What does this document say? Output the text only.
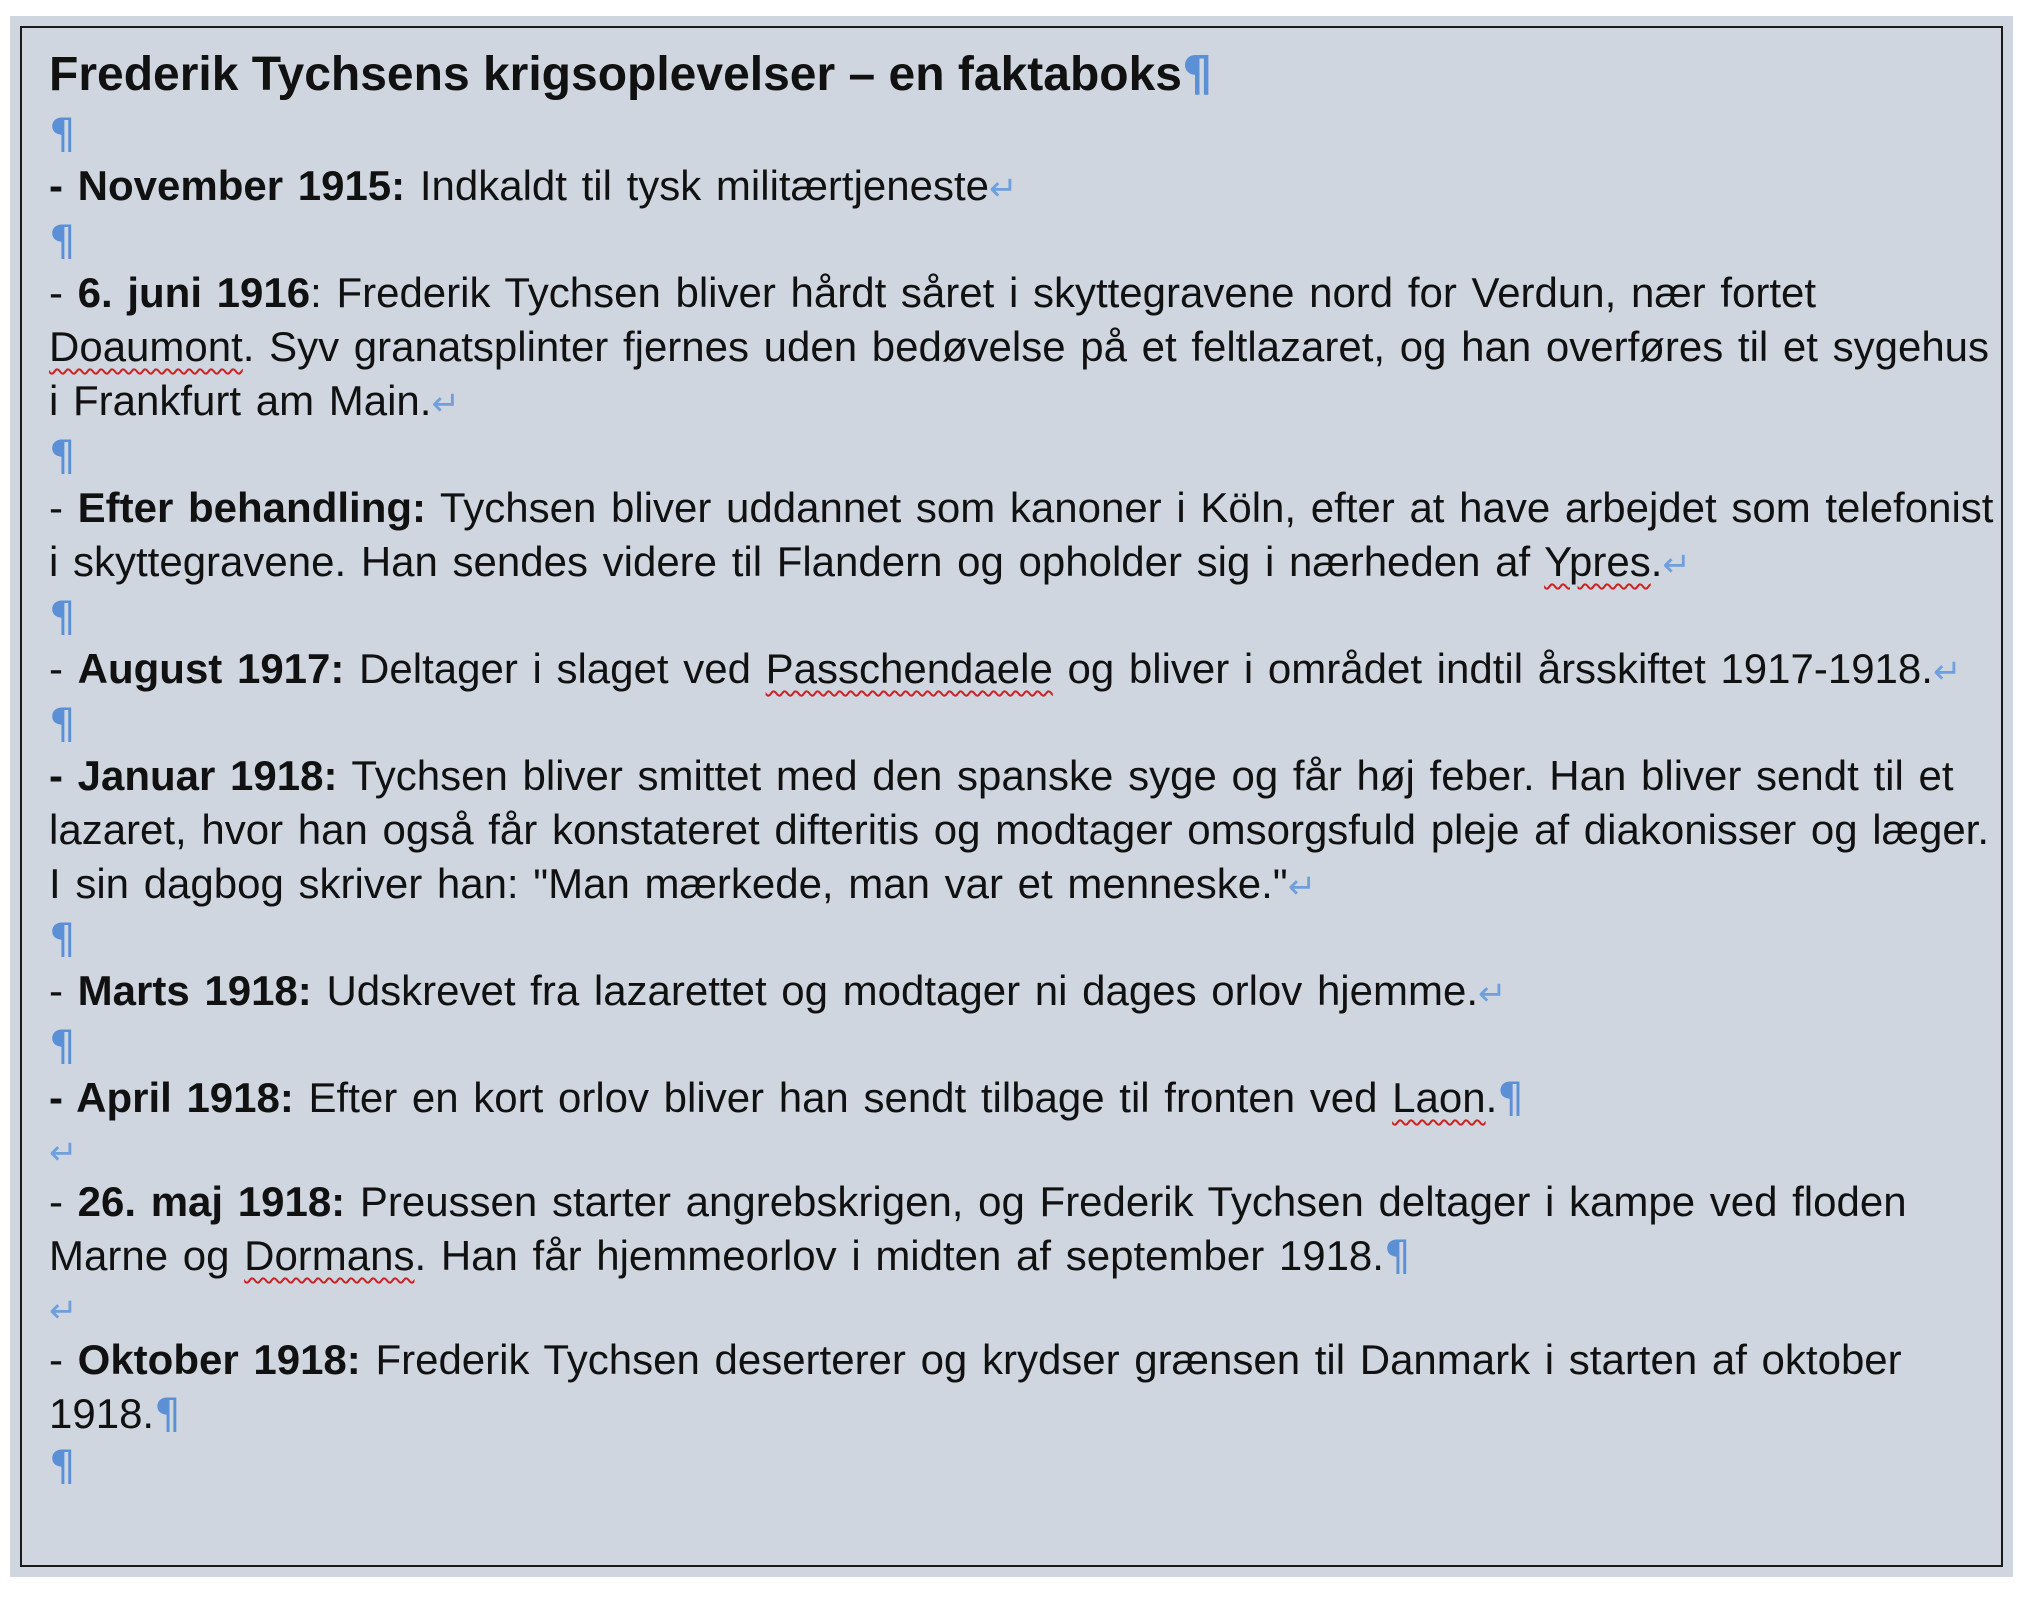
Frederik Tychsens krigsoplevelser – en faktaboks¶
¶
- November 1915: Indkaldt til tysk militærtjeneste↵
¶
- 6. juni 1916: Frederik Tychsen bliver hårdt såret i skyttegravene nord for Verdun, nær fortet Doaumont. Syv granatsplinter fjernes uden bedøvelse på et feltlazaret, og han overføres til et sygehus i Frankfurt am Main.↵
¶
- Efter behandling: Tychsen bliver uddannet som kanoner i Köln, efter at have arbejdet som telefonist i skyttegravene. Han sendes videre til Flandern og opholder sig i nærheden af Ypres.↵
¶
- August 1917: Deltager i slaget ved Passchendaele og bliver i området indtil årsskiftet 1917-1918.↵
¶
- Januar 1918: Tychsen bliver smittet med den spanske syge og får høj feber. Han bliver sendt til et lazaret, hvor han også får konstateret difteritis og modtager omsorgsfuld pleje af diakonisser og læger. I sin dagbog skriver han: "Man mærkede, man var et menneske."↵
¶
- Marts 1918: Udskrevet fra lazarettet og modtager ni dages orlov hjemme.↵
¶
- April 1918: Efter en kort orlov bliver han sendt tilbage til fronten ved Laon.¶
↵
- 26. maj 1918: Preussen starter angrebskrigen, og Frederik Tychsen deltager i kampe ved floden Marne og Dormans. Han får hjemmeorlov i midten af september 1918.¶
↵
- Oktober 1918: Frederik Tychsen deserterer og krydser grænsen til Danmark i starten af oktober 1918.¶
¶
